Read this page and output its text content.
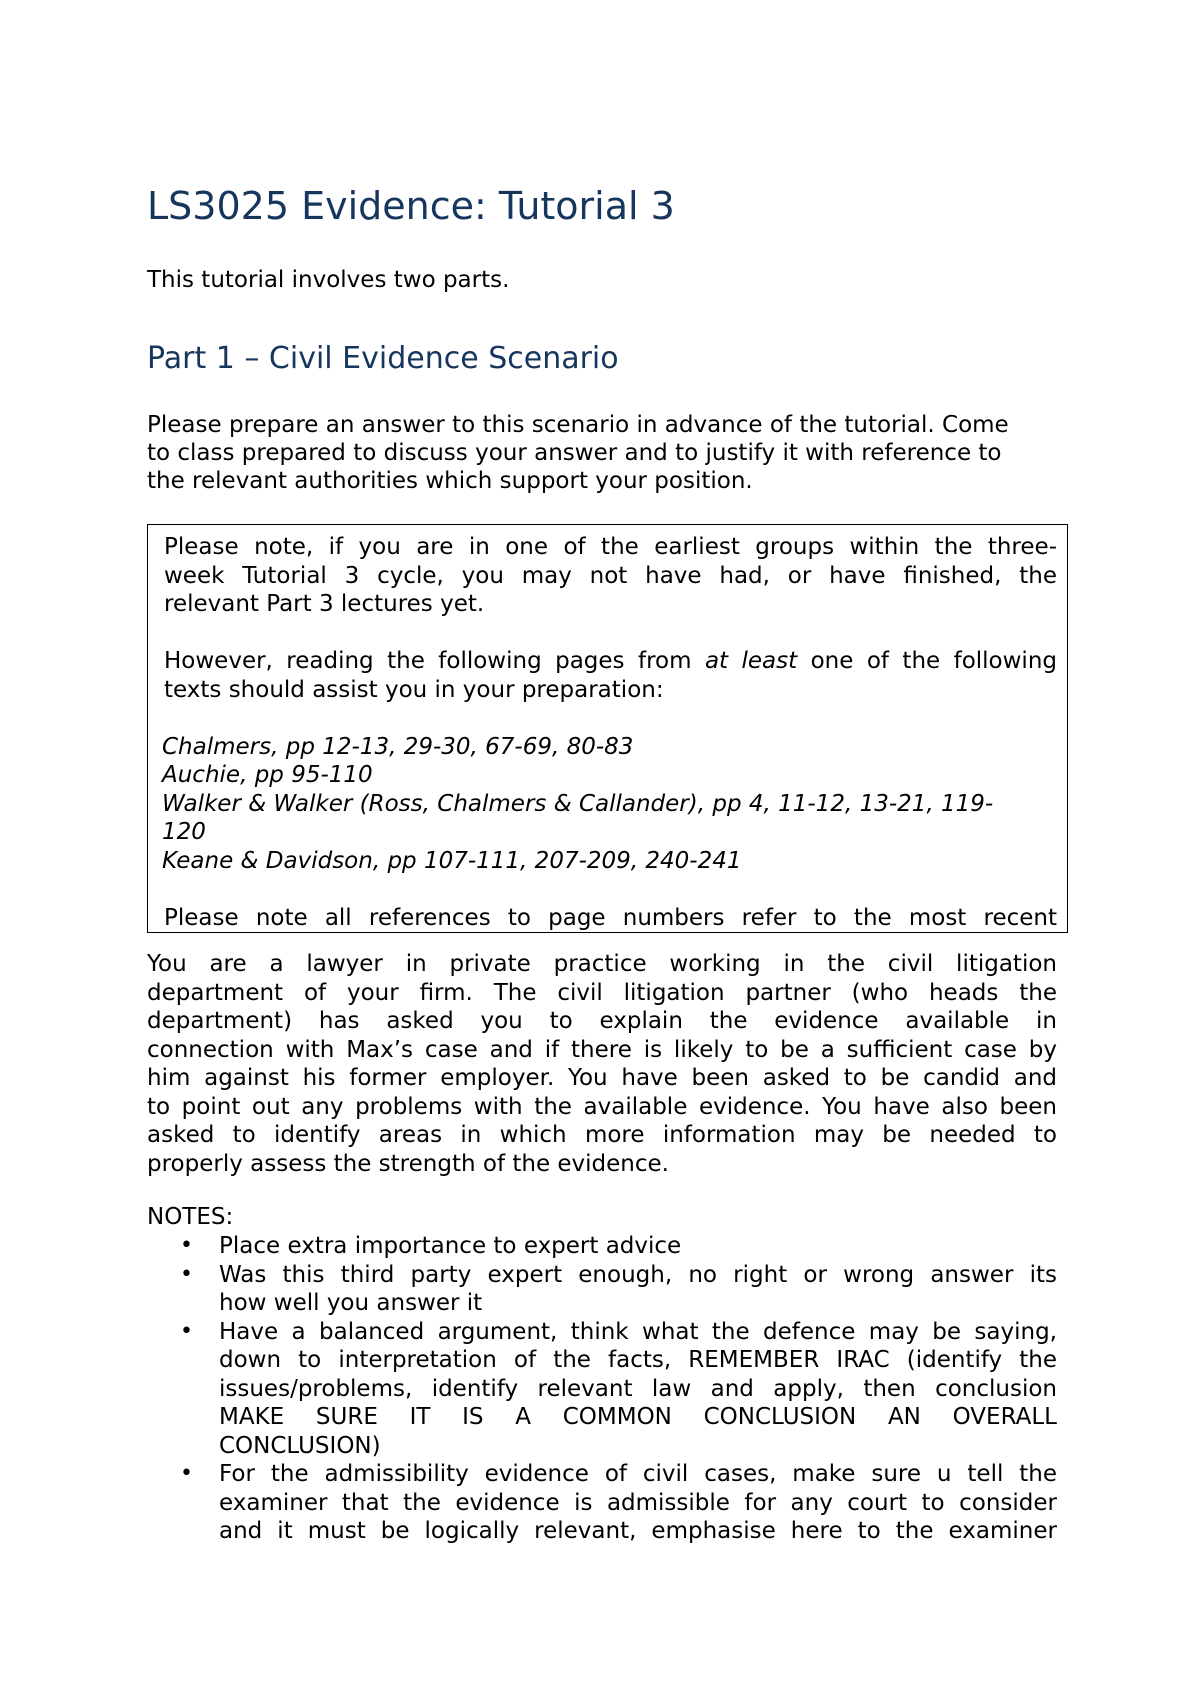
LS3025 Evidence: Tutorial 3

This tutorial involves two parts.

Part 1 – Civil Evidence Scenario

Please prepare an answer to this scenario in advance of the tutorial. Come
to class prepared to discuss your answer and to justify it with reference to
the relevant authorities which support your position.

Please note, if you are in one of the earliest groups within the three-
week Tutorial 3 cycle, you may not have had, or have finished, the
relevant Part 3 lectures yet.
However, reading the following pages from at least one of the following
texts should assist you in your preparation:
Chalmers, pp 12-13, 29-30, 67-69, 80-83
Auchie, pp 95-110
Walker & Walker (Ross, Chalmers & Callander), pp 4, 11-12, 13-21, 119-
120
Keane & Davidson, pp 107-111, 207-209, 240-241
Please note all references to page numbers refer to the most recent
You are a lawyer in private practice working in the civil litigation
department of your firm. The civil litigation partner (who heads the
department) has asked you to explain the evidence available in
connection with Max’s case and if there is likely to be a sufficient case by
him against his former employer. You have been asked to be candid and
to point out any problems with the available evidence. You have also been
asked to identify areas in which more information may be needed to
properly assess the strength of the evidence.

NOTES:

• Place extra importance to expert advice
• Was this third party expert enough, no right or wrong answer its
how well you answer it
• Have a balanced argument, think what the defence may be saying,
down to interpretation of the facts, REMEMBER IRAC (identify the
issues/problems, identify relevant law and apply, then conclusion
MAKE SURE IT IS A COMMON CONCLUSION AN OVERALL
CONCLUSION)
• For the admissibility evidence of civil cases, make sure u tell the
examiner that the evidence is admissible for any court to consider
and it must be logically relevant, emphasise here to the examiner
